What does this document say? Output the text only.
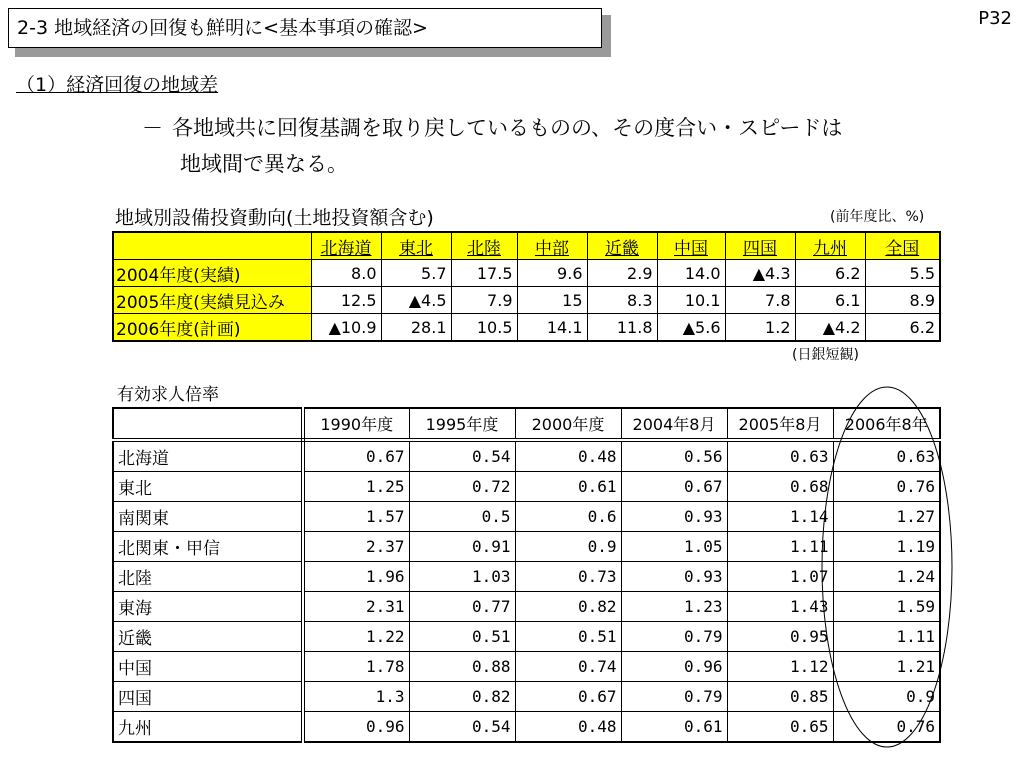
2-3 地域経済の回復も鮮明に<基本事項の確認>	P32
（1）経済回復の地域差
－ 各地域共に回復基調を取り戻しているものの、その度合い・スピードは
地域間で異なる。
地域別設備投資動向(土地投資額含む)	(前年度比、%)
	北海道	東北	北陸	中部	近畿	中国	四国	九州	全国
2004年度(実績)	8.0	5.7	17.5	9.6	2.9	14.0	▲4.3	6.2	5.5
2005年度(実績見込み	12.5	▲4.5	7.9	15	8.3	10.1	7.8	6.1	8.9
2006年度(計画)	▲10.9	28.1	10.5	14.1	11.8	▲5.6	1.2	▲4.2	6.2
(日銀短観)
有効求人倍率
	1990年度	1995年度	2000年度	2004年8月	2005年8月	2006年8年
北海道	0.67	0.54	0.48	0.56	0.63	0.63
東北	1.25	0.72	0.61	0.67	0.68	0.76
南関東	1.57	0.5	0.6	0.93	1.14	1.27
北関東・甲信	2.37	0.91	0.9	1.05	1.11	1.19
北陸	1.96	1.03	0.73	0.93	1.07	1.24
東海	2.31	0.77	0.82	1.23	1.43	1.59
近畿	1.22	0.51	0.51	0.79	0.95	1.11
中国	1.78	0.88	0.74	0.96	1.12	1.21
四国	1.3	0.82	0.67	0.79	0.85	0.9
九州	0.96	0.54	0.48	0.61	0.65	0.76
